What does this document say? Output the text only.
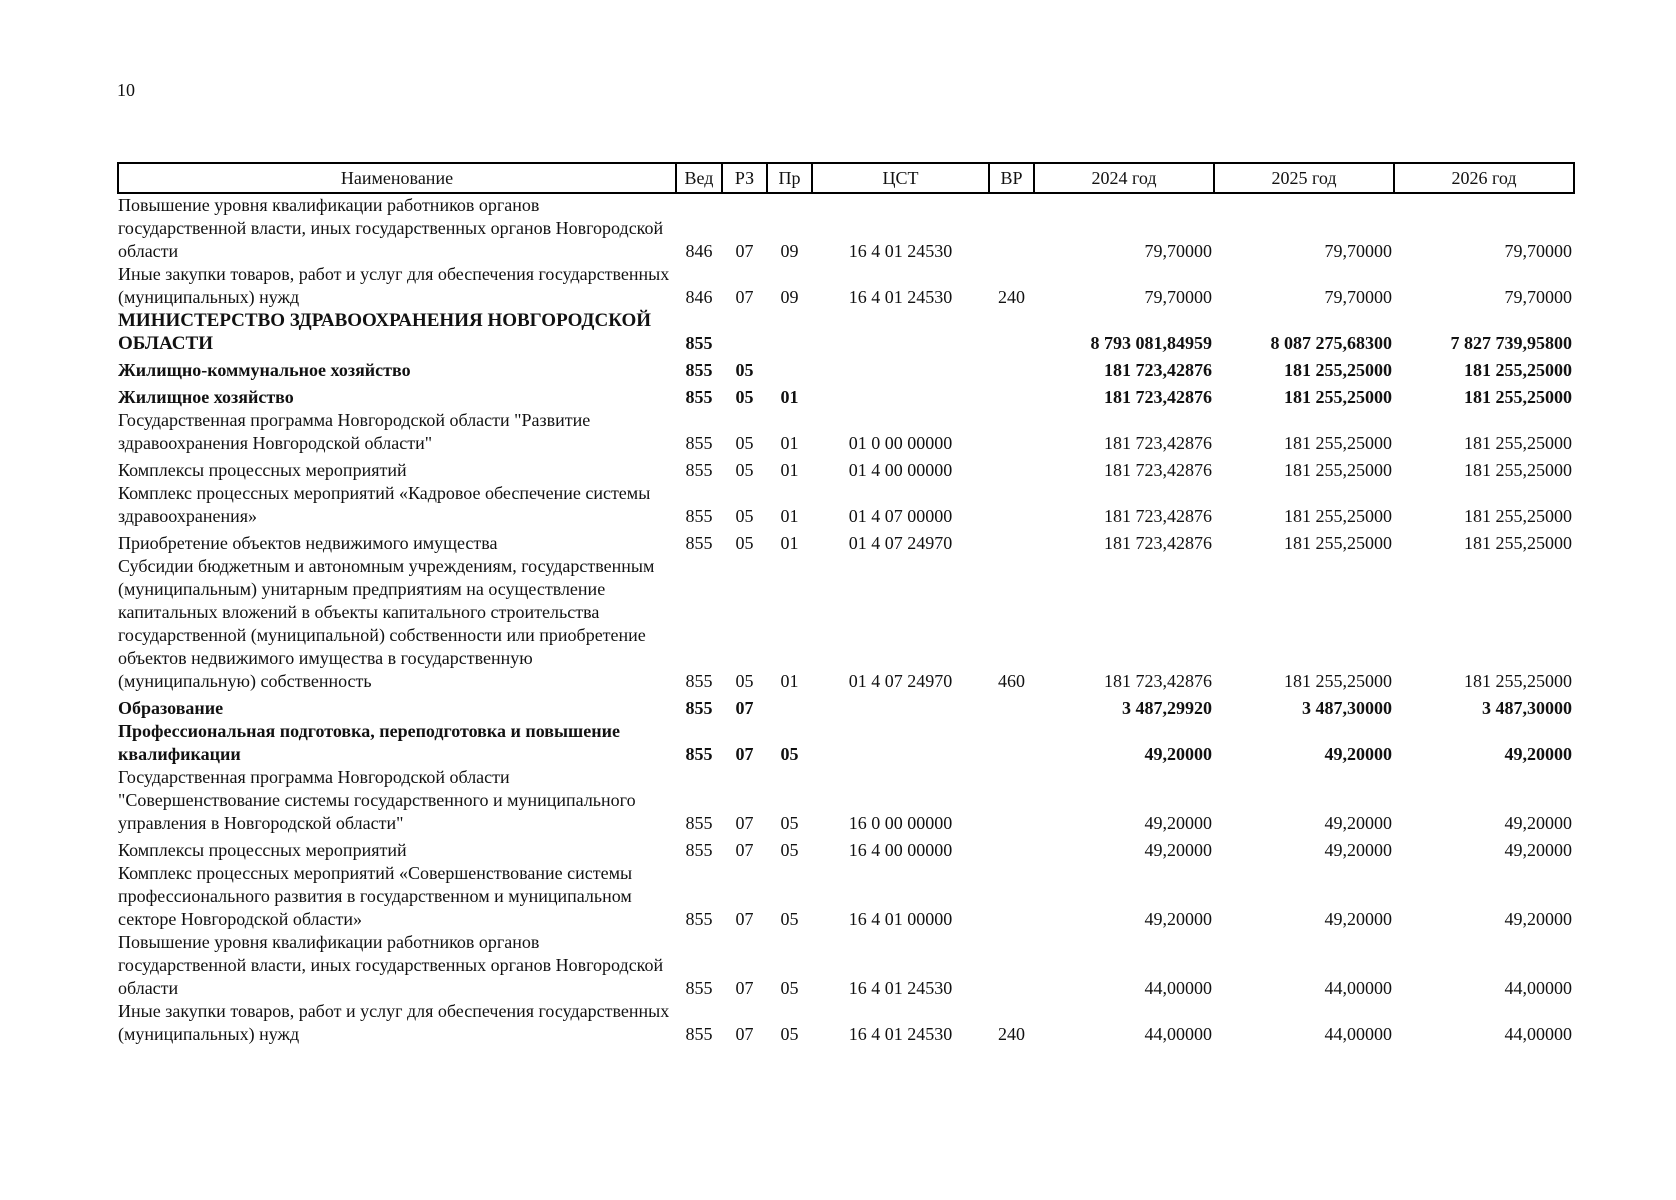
10
Наименование	Вед	РЗ	Пр	ЦСТ	ВР	2024 год	2025 год	2026 год
Повышение уровня квалификации работников органов государственной власти, иных государственных органов Новгородской области	846	07	09	16 4 01 24530		79,70000	79,70000	79,70000
Иные закупки товаров, работ и услуг для обеспечения государственных (муниципальных) нужд	846	07	09	16 4 01 24530	240	79,70000	79,70000	79,70000
МИНИСТЕРСТВО ЗДРАВООХРАНЕНИЯ НОВГОРОДСКОЙ ОБЛАСТИ	855					8 793 081,84959	8 087 275,68300	7 827 739,95800
Жилищно-коммунальное хозяйство	855	05				181 723,42876	181 255,25000	181 255,25000
Жилищное хозяйство	855	05	01			181 723,42876	181 255,25000	181 255,25000
Государственная программа Новгородской области "Развитие здравоохранения Новгородской области"	855	05	01	01 0 00 00000		181 723,42876	181 255,25000	181 255,25000
Комплексы процессных мероприятий	855	05	01	01 4 00 00000		181 723,42876	181 255,25000	181 255,25000
Комплекс процессных мероприятий «Кадровое обеспечение системы здравоохранения»	855	05	01	01 4 07 00000		181 723,42876	181 255,25000	181 255,25000
Приобретение объектов недвижимого имущества	855	05	01	01 4 07 24970		181 723,42876	181 255,25000	181 255,25000
Субсидии бюджетным и автономным учреждениям, государственным (муниципальным) унитарным предприятиям на осуществление капитальных вложений в объекты капитального строительства государственной (муниципальной) собственности или приобретение объектов недвижимого имущества в государственную (муниципальную) собственность	855	05	01	01 4 07 24970	460	181 723,42876	181 255,25000	181 255,25000
Образование	855	07				3 487,29920	3 487,30000	3 487,30000
Профессиональная подготовка, переподготовка и повышение квалификации	855	07	05			49,20000	49,20000	49,20000
Государственная программа Новгородской области "Совершенствование системы государственного и муниципального управления в Новгородской области"	855	07	05	16 0 00 00000		49,20000	49,20000	49,20000
Комплексы процессных мероприятий	855	07	05	16 4 00 00000		49,20000	49,20000	49,20000
Комплекс процессных мероприятий «Совершенствование системы профессионального развития в государственном и муниципальном секторе Новгородской области»	855	07	05	16 4 01 00000		49,20000	49,20000	49,20000
Повышение уровня квалификации работников органов государственной власти, иных государственных органов Новгородской области	855	07	05	16 4 01 24530		44,00000	44,00000	44,00000
Иные закупки товаров, работ и услуг для обеспечения государственных (муниципальных) нужд	855	07	05	16 4 01 24530	240	44,00000	44,00000	44,00000
